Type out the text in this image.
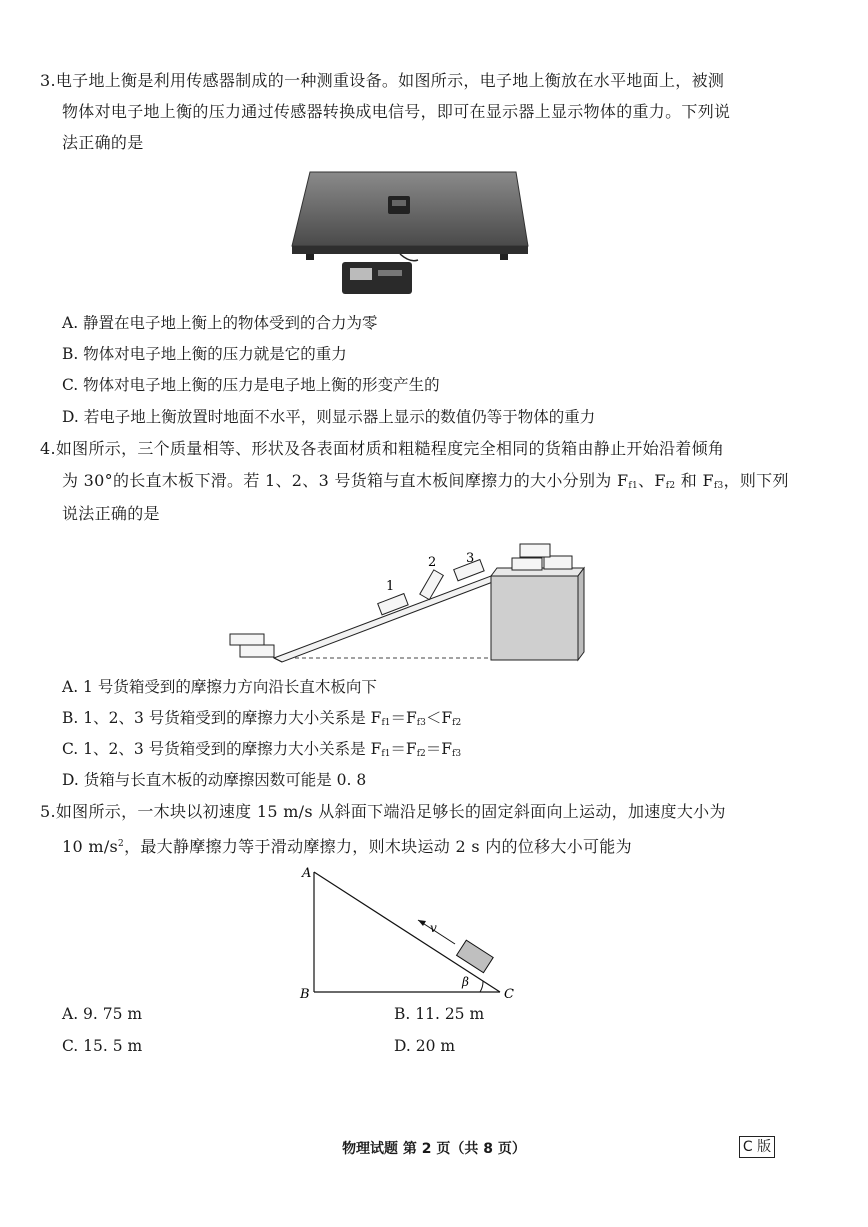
3.电子地上衡是利用传感器制成的一种测重设备。如图所示，电子地上衡放在水平地面上，被测
物体对电子地上衡的压力通过传感器转换成电信号，即可在显示器上显示物体的重力。下列说
法正确的是
A. 静置在电子地上衡上的物体受到的合力为零
B. 物体对电子地上衡的压力就是它的重力
C. 物体对电子地上衡的压力是电子地上衡的形变产生的
D. 若电子地上衡放置时地面不水平，则显示器上显示的数值仍等于物体的重力
4.如图所示，三个质量相等、形状及各表面材质和粗糙程度完全相同的货箱由静止开始沿着倾角
为 30°的长直木板下滑。若 1、2、3 号货箱与直木板间摩擦力的大小分别为 $F_{f1}$、$F_{f2}$ 和 $F_{f3}$，则下列
说法正确的是
1
2 3
A. 1 号货箱受到的摩擦力方向沿长直木板向下
B. 1、2、3 号货箱受到的摩擦力大小关系是 $F_{f1}=F_{f3}<F_{f2}$
C. 1、2、3 号货箱受到的摩擦力大小关系是 $F_{f1}=F_{f2}=F_{f3}$
D. 货箱与长直木板的动摩擦因数可能是 0. 8
5.如图所示，一木块以初速度 15 m/s 从斜面下端沿足够长的固定斜面向上运动，加速度大小为
10 $m/s^2$，最大静摩擦力等于滑动摩擦力，则木块运动 2 s 内的位移大小可能为
A
B	C
v
β
A. 9. 75 m	B. 11. 25 m
C. 15. 5 m	D. 20 m
物理试题 第 2 页（共 8 页）	C 版
